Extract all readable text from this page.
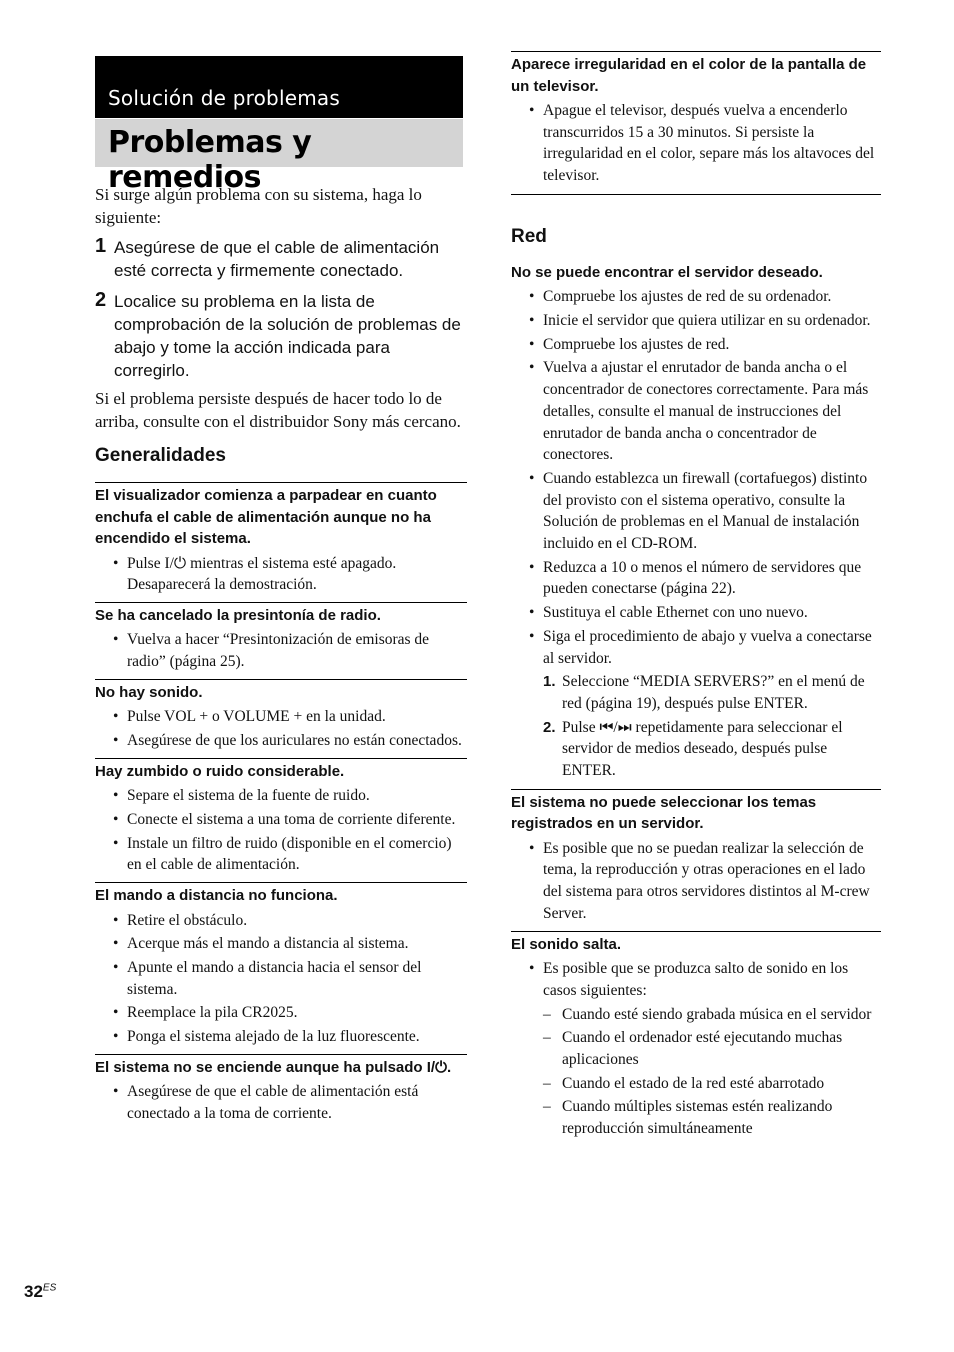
Solución de problemas
Problemas y remedios

Si surge algún problema con su sistema, haga lo siguiente:

1 Asegúrese de que el cable de alimentación esté correcta y firmemente conectado.
2 Localice su problema en la lista de comprobación de la solución de problemas de abajo y tome la acción indicada para corregirlo.

Si el problema persiste después de hacer todo lo de arriba, consulte con el distribuidor Sony más cercano.

Generalidades

El visualizador comienza a parpadear en cuanto enchufa el cable de alimentación aunque no ha encendido el sistema.

• Pulse I/⏻ mientras el sistema esté apagado. Desaparecerá la demostración.

Se ha cancelado la presintonía de radio.

• Vuelva a hacer “Presintonización de emisoras de radio” (página 25).

No hay sonido.

• Pulse VOL + o VOLUME + en la unidad.
• Asegúrese de que los auriculares no están conectados.

Hay zumbido o ruido considerable.

• Separe el sistema de la fuente de ruido.
• Conecte el sistema a una toma de corriente diferente.
• Instale un filtro de ruido (disponible en el comercio) en el cable de alimentación.

El mando a distancia no funciona.

• Retire el obstáculo.
• Acerque más el mando a distancia al sistema.
• Apunte el mando a distancia hacia el sensor del sistema.
• Reemplace la pila CR2025.
• Ponga el sistema alejado de la luz fluorescente.

El sistema no se enciende aunque ha pulsado I/⏻.

• Asegúrese de que el cable de alimentación está conectado a la toma de corriente.

Aparece irregularidad en el color de la pantalla de un televisor.

• Apague el televisor, después vuelva a encenderlo transcurridos 15 a 30 minutos. Si persiste la irregularidad en el color, separe más los altavoces del televisor.
Red

No se puede encontrar el servidor deseado.

• Compruebe los ajustes de red de su ordenador.
• Inicie el servidor que quiera utilizar en su ordenador.
• Compruebe los ajustes de red.
• Vuelva a ajustar el enrutador de banda ancha o el concentrador de conectores correctamente. Para más detalles, consulte el manual de instrucciones del enrutador de banda ancha o concentrador de conectores.
• Cuando establezca un firewall (cortafuegos) distinto del provisto con el sistema operativo, consulte la Solución de problemas en el Manual de instalación incluido en el CD-ROM.
• Reduzca a 10 o menos el número de servidores que pueden conectarse (página 22).
• Sustituya el cable Ethernet con uno nuevo.
• Siga el procedimiento de abajo y vuelva a conectarse al servidor.
1. Seleccione “MEDIA SERVERS?” en el menú de red (página 19), después pulse ENTER.
2. Pulse ⏮/⏭ repetidamente para seleccionar el servidor de medios deseado, después pulse ENTER.

El sistema no puede seleccionar los temas registrados en un servidor.

• Es posible que no se puedan realizar la selección de tema, la reproducción y otras operaciones en el lado del sistema para otros servidores distintos al M-crew Server.

El sonido salta.

• Es posible que se produzca salto de sonido en los casos siguientes:
– Cuando esté siendo grabada música en el servidor
– Cuando el ordenador esté ejecutando muchas aplicaciones
– Cuando el estado de la red esté abarrotado
– Cuando múltiples sistemas estén realizando reproducción simultáneamente
$32^{ES}$
